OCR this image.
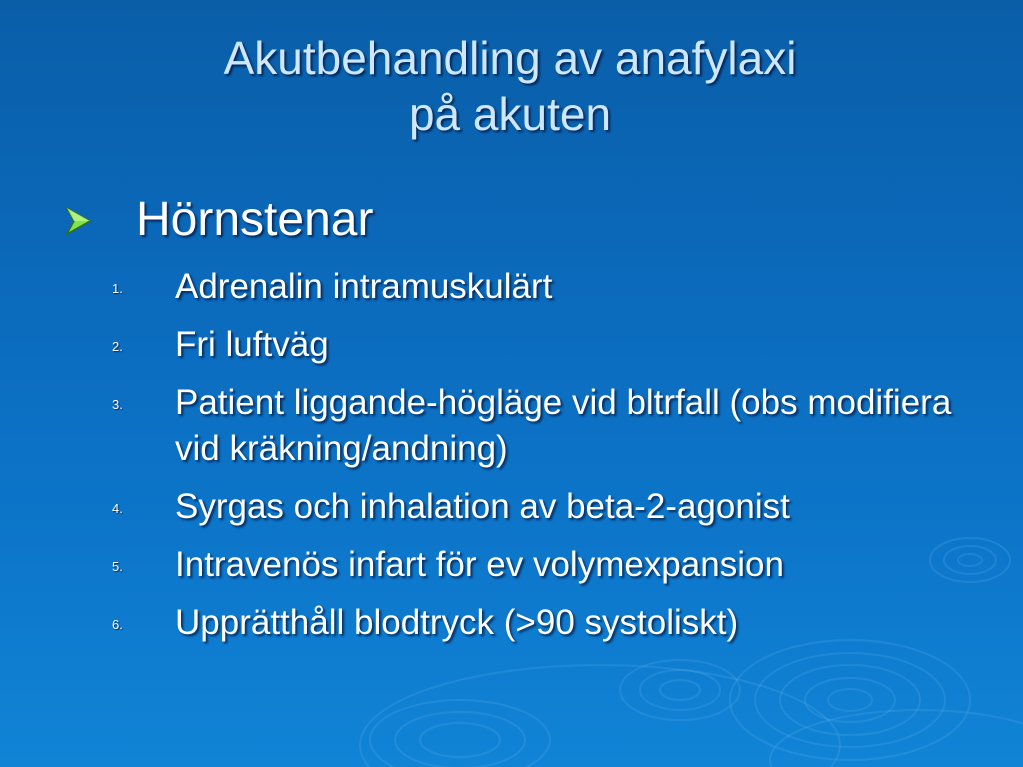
Akutbehandling av anafylaxi
på akuten
Hörnstenar
1. Adrenalin intramuskulärt
2. Fri luftväg
3. Patient liggande-högläge vid bltrfall (obs modifiera vid kräkning/andning)
4. Syrgas och inhalation av beta-2-agonist
5. Intravenös infart för ev volymexpansion
6. Upprätthåll blodtryck (>90 systoliskt)
